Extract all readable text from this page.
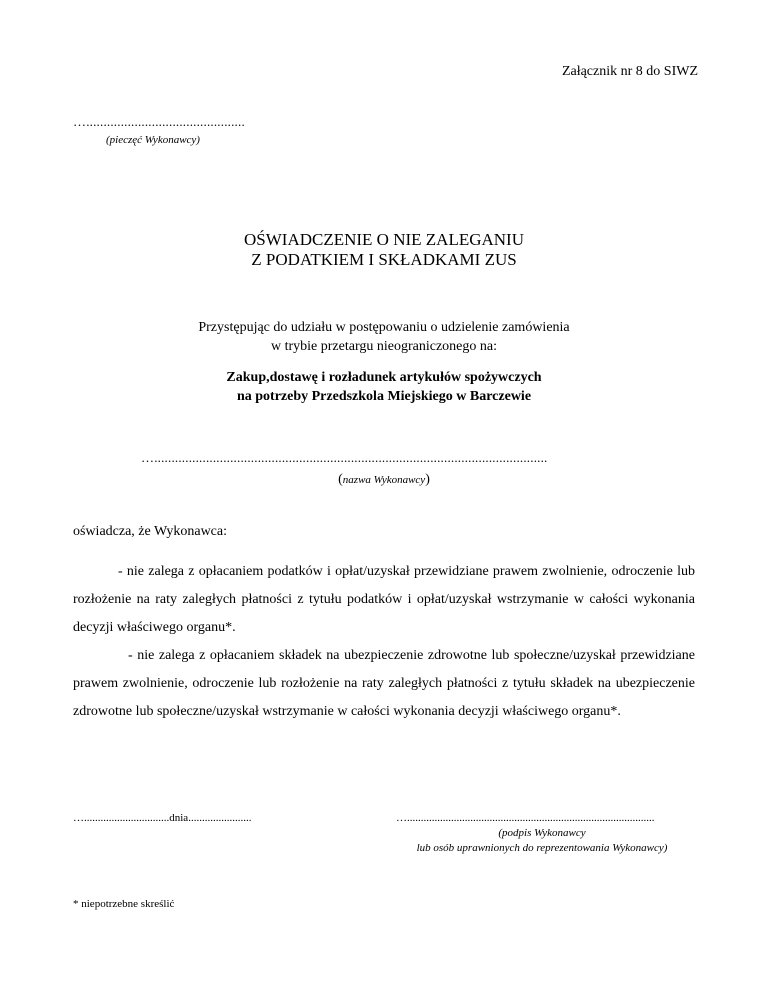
Załącznik nr 8 do SIWZ
…..............................................
(pieczęć Wykonawcy)
OŚWIADCZENIE O NIE ZALEGANIU
Z PODATKIEM I SKŁADKAMI ZUS
Przystępując do udziału w postępowaniu o udzielenie zamówienia
w trybie przetargu nieograniczonego na:
Zakup,dostawę i rozładunek artykułów spożywczych
na potrzeby Przedszkola Miejskiego w Barczewie
…..................................................................................................................
(nazwa Wykonawcy)
oświadcza, że Wykonawca:

- nie zalega z opłacaniem podatków i opłat/uzyskał przewidziane prawem zwolnienie, odroczenie lub rozłożenie na raty zaległych płatności z tytułu podatków i opłat/uzyskał wstrzymanie w całości wykonania decyzji właściwego organu*.

- nie zalega z opłacaniem składek na ubezpieczenie zdrowotne lub społeczne/uzyskał przewidziane prawem zwolnienie, odroczenie lub rozłożenie na raty zaległych płatności z tytułu składek na ubezpieczenie zdrowotne lub społeczne/uzyskał wstrzymanie w całości wykonania decyzji właściwego organu*.

…...............................dnia.......................	…..........................................................................................
(podpis Wykonawcy
lub osób uprawnionych do reprezentowania Wykonawcy)
* niepotrzebne skreślić
